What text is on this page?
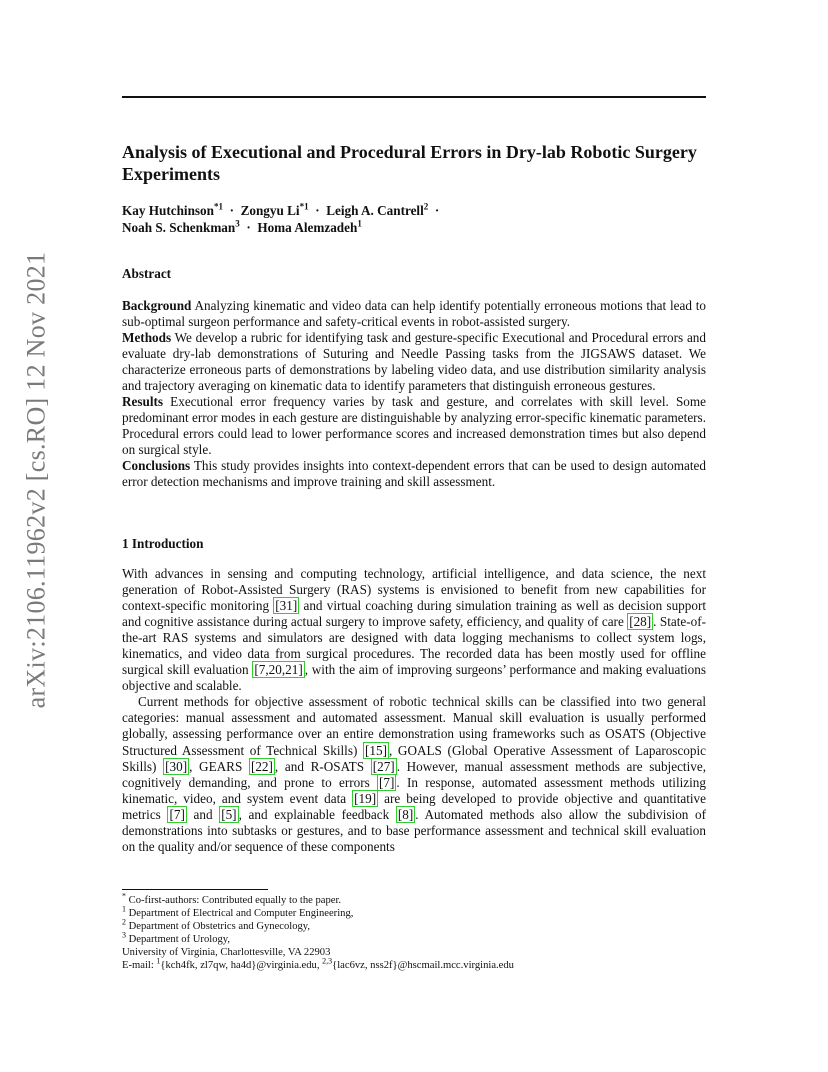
arXiv:2106.11962v2 [cs.RO] 12 Nov 2021
Analysis of Executional and Procedural Errors in Dry-lab Robotic Surgery Experiments
Kay Hutchinson$^{*1}$ · Zongyu $Li^{*1}$ · Leigh A. Cantrell$^2$ ·
Noah S. Schenkman$^3$ · Homa Alemzadeh$^1$
Abstract

Background Analyzing kinematic and video data can help identify potentially erroneous motions that lead to sub-optimal surgeon performance and safety-critical events in robot-assisted surgery.

Methods We develop a rubric for identifying task and gesture-specific Executional and Procedural errors and evaluate dry-lab demonstrations of Suturing and Needle Passing tasks from the JIGSAWS dataset. We characterize erroneous parts of demonstrations by labeling video data, and use distribution similarity analysis and trajectory averaging on kinematic data to identify parameters that distinguish erroneous gestures.

Results Executional error frequency varies by task and gesture, and correlates with skill level. Some predominant error modes in each gesture are distinguishable by analyzing error-specific kinematic parameters. Procedural errors could lead to lower performance scores and increased demonstration times but also depend on surgical style.

Conclusions This study provides insights into context-dependent errors that can be used to design automated error detection mechanisms and improve training and skill assessment.

1 Introduction

With advances in sensing and computing technology, artificial intelligence, and data science, the next generation of Robot-Assisted Surgery (RAS) systems is envisioned to benefit from new capabilities for context-specific monitoring [31] and virtual coaching during simulation training as well as decision support and cognitive assistance during actual surgery to improve safety, efficiency, and quality of care [28] . State-of-the-art RAS systems and simulators are designed with data logging mechanisms to collect system logs, kinematics, and video data from surgical procedures. The recorded data has been mostly used for offline surgical skill evaluation [7,20,21] , with the aim of improving surgeons’ performance and making evaluations objective and scalable.

Current methods for objective assessment of robotic technical skills can be classified into two general categories: manual assessment and automated assessment. Manual skill evaluation is usually performed globally, assessing performance over an entire demonstration using frameworks such as OSATS (Objective Structured Assessment of Technical Skills) [15] , GOALS (Global Operative Assessment of Laparoscopic Skills) [30] , GEARS [22] , and R-OSATS [27] . However, manual assessment methods are subjective, cognitively demanding, and prone to errors [7] . In response, automated assessment methods utilizing kinematic, video, and system event data [19] are being developed to provide objective and quantitative metrics [7] and [5] , and explainable feedback [8] . Automated methods also allow the subdivision of demonstrations into subtasks or gestures, and to base performance assessment and technical skill evaluation on the quality and/or sequence of these components

* Co-first-authors: Contributed equally to the paper.
$^1$ Department of Electrical and Computer Engineering,
$^2$ Department of Obstetrics and Gynecology,
$^3$ Department of Urology,
University of Virginia, Charlottesville, VA 22903
E-mail: $^1${kch4fk, zl7qw, ha4d}@virginia.edu, $^{2,3}${lac6vz, nss2f}@hscmail.mcc.virginia.edu
